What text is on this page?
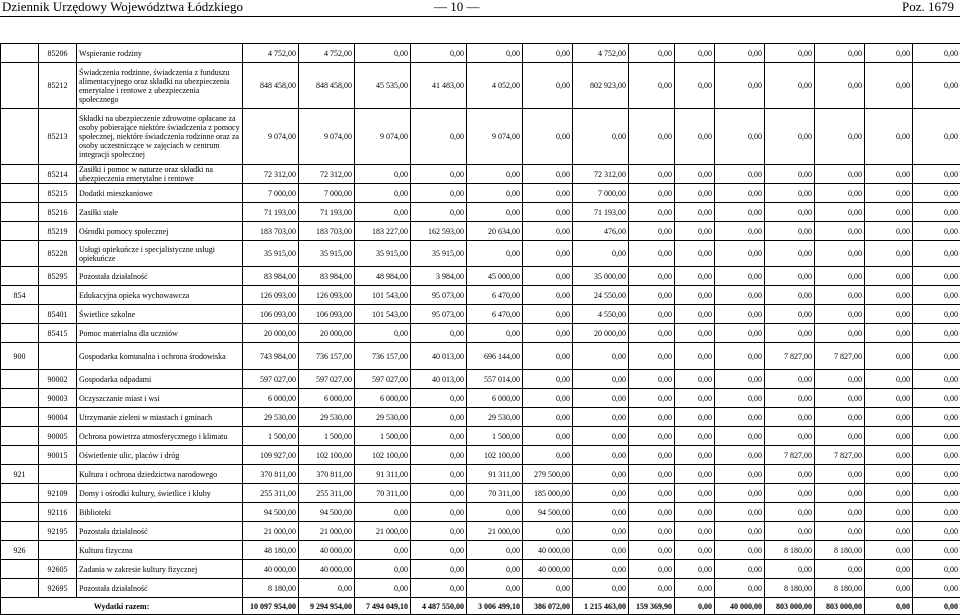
Dziennik Urzędowy Województwa Łódzkiego	— 10 —	Poz. 1679
	85206	Wspieranie rodziny	4 752,00	4 752,00	0,00	0,00	0,00	0,00	4 752,00	0,00	0,00	0,00	0,00	0,00	0,00	0,00
	85212	Świadczenia rodzinne, świadczenia z funduszu alimentacyjnego oraz składki na ubezpieczenia emerytalne i rentowe z ubezpieczenia społecznego	848 458,00	848 458,00	45 535,00	41 483,00	4 052,00	0,00	802 923,00	0,00	0,00	0,00	0,00	0,00	0,00	0,00
	85213	Składki na ubezpieczenie zdrowotne opłacane za osoby pobierające niektóre świadczenia z pomocy społecznej, niektóre świadczenia rodzinne oraz za osoby uczestniczące w zajęciach w centrum integracji społecznej	9 074,00	9 074,00	9 074,00	0,00	9 074,00	0,00	0,00	0,00	0,00	0,00	0,00	0,00	0,00	0,00
	85214	Zasiłki i pomoc w naturze oraz składki na ubezpieczenia emerytalne i rentowe	72 312,00	72 312,00	0,00	0,00	0,00	0,00	72 312,00	0,00	0,00	0,00	0,00	0,00	0,00	0,00
	85215	Dodatki mieszkaniowe	7 000,00	7 000,00	0,00	0,00	0,00	0,00	7 000,00	0,00	0,00	0,00	0,00	0,00	0,00	0,00
	85216	Zasiłki stałe	71 193,00	71 193,00	0,00	0,00	0,00	0,00	71 193,00	0,00	0,00	0,00	0,00	0,00	0,00	0,00
	85219	Ośrodki pomocy społecznej	183 703,00	183 703,00	183 227,00	162 593,00	20 634,00	0,00	476,00	0,00	0,00	0,00	0,00	0,00	0,00	0,00
	85228	Usługi opiekuńcze i specjalistyczne usługi opiekuńcze	35 915,00	35 915,00	35 915,00	35 915,00	0,00	0,00	0,00	0,00	0,00	0,00	0,00	0,00	0,00	0,00
	85295	Pozostała działalność	83 984,00	83 984,00	48 984,00	3 984,00	45 000,00	0,00	35 000,00	0,00	0,00	0,00	0,00	0,00	0,00	0,00
854		Edukacyjna opieka wychowawcza	126 093,00	126 093,00	101 543,00	95 073,00	6 470,00	0,00	24 550,00	0,00	0,00	0,00	0,00	0,00	0,00	0,00
	85401	Świetlice szkolne	106 093,00	106 093,00	101 543,00	95 073,00	6 470,00	0,00	4 550,00	0,00	0,00	0,00	0,00	0,00	0,00	0,00
	85415	Pomoc materialna dla uczniów	20 000,00	20 000,00	0,00	0,00	0,00	0,00	20 000,00	0,00	0,00	0,00	0,00	0,00	0,00	0,00
900		Gospodarka komunalna i ochrona środowiska	743 984,00	736 157,00	736 157,00	40 013,00	696 144,00	0,00	0,00	0,00	0,00	0,00	7 827,00	7 827,00	0,00	0,00
	90002	Gospodarka odpadami	597 027,00	597 027,00	597 027,00	40 013,00	557 014,00	0,00	0,00	0,00	0,00	0,00	0,00	0,00	0,00	0,00
	90003	Oczyszczanie miast i wsi	6 000,00	6 000,00	6 000,00	0,00	6 000,00	0,00	0,00	0,00	0,00	0,00	0,00	0,00	0,00	0,00
	90004	Utrzymanie zieleni w miastach i gminach	29 530,00	29 530,00	29 530,00	0,00	29 530,00	0,00	0,00	0,00	0,00	0,00	0,00	0,00	0,00	0,00
	90005	Ochrona powietrza atmosferycznego i klimatu	1 500,00	1 500,00	1 500,00	0,00	1 500,00	0,00	0,00	0,00	0,00	0,00	0,00	0,00	0,00	0,00
	90015	Oświetlenie ulic, placów i dróg	109 927,00	102 100,00	102 100,00	0,00	102 100,00	0,00	0,00	0,00	0,00	0,00	7 827,00	7 827,00	0,00	0,00
921		Kultura i ochrona dziedzictwa narodowego	370 811,00	370 811,00	91 311,00	0,00	91 311,00	279 500,00	0,00	0,00	0,00	0,00	0,00	0,00	0,00	0,00
	92109	Domy i ośrodki kultury, świetlice i kluby	255 311,00	255 311,00	70 311,00	0,00	70 311,00	185 000,00	0,00	0,00	0,00	0,00	0,00	0,00	0,00	0,00
	92116	Biblioteki	94 500,00	94 500,00	0,00	0,00	0,00	94 500,00	0,00	0,00	0,00	0,00	0,00	0,00	0,00	0,00
	92195	Pozostała działalność	21 000,00	21 000,00	21 000,00	0,00	21 000,00	0,00	0,00	0,00	0,00	0,00	0,00	0,00	0,00	0,00
926		Kultura fizyczna	48 180,00	40 000,00	0,00	0,00	0,00	40 000,00	0,00	0,00	0,00	0,00	8 180,00	8 180,00	0,00	0,00
	92605	Zadania w zakresie kultury fizycznej	40 000,00	40 000,00	0,00	0,00	0,00	40 000,00	0,00	0,00	0,00	0,00	0,00	0,00	0,00	0,00
	92695	Pozostała działalność	8 180,00	0,00	0,00	0,00	0,00	0,00	0,00	0,00	0,00	0,00	8 180,00	8 180,00	0,00	0,00
Wydatki razem:			10 097 954,00	9 294 954,00	7 494 049,10	4 487 550,00	3 006 499,10	386 072,00	1 215 463,00	159 369,90	0,00	40 000,00	803 000,00	803 000,00	0,00	0,00
